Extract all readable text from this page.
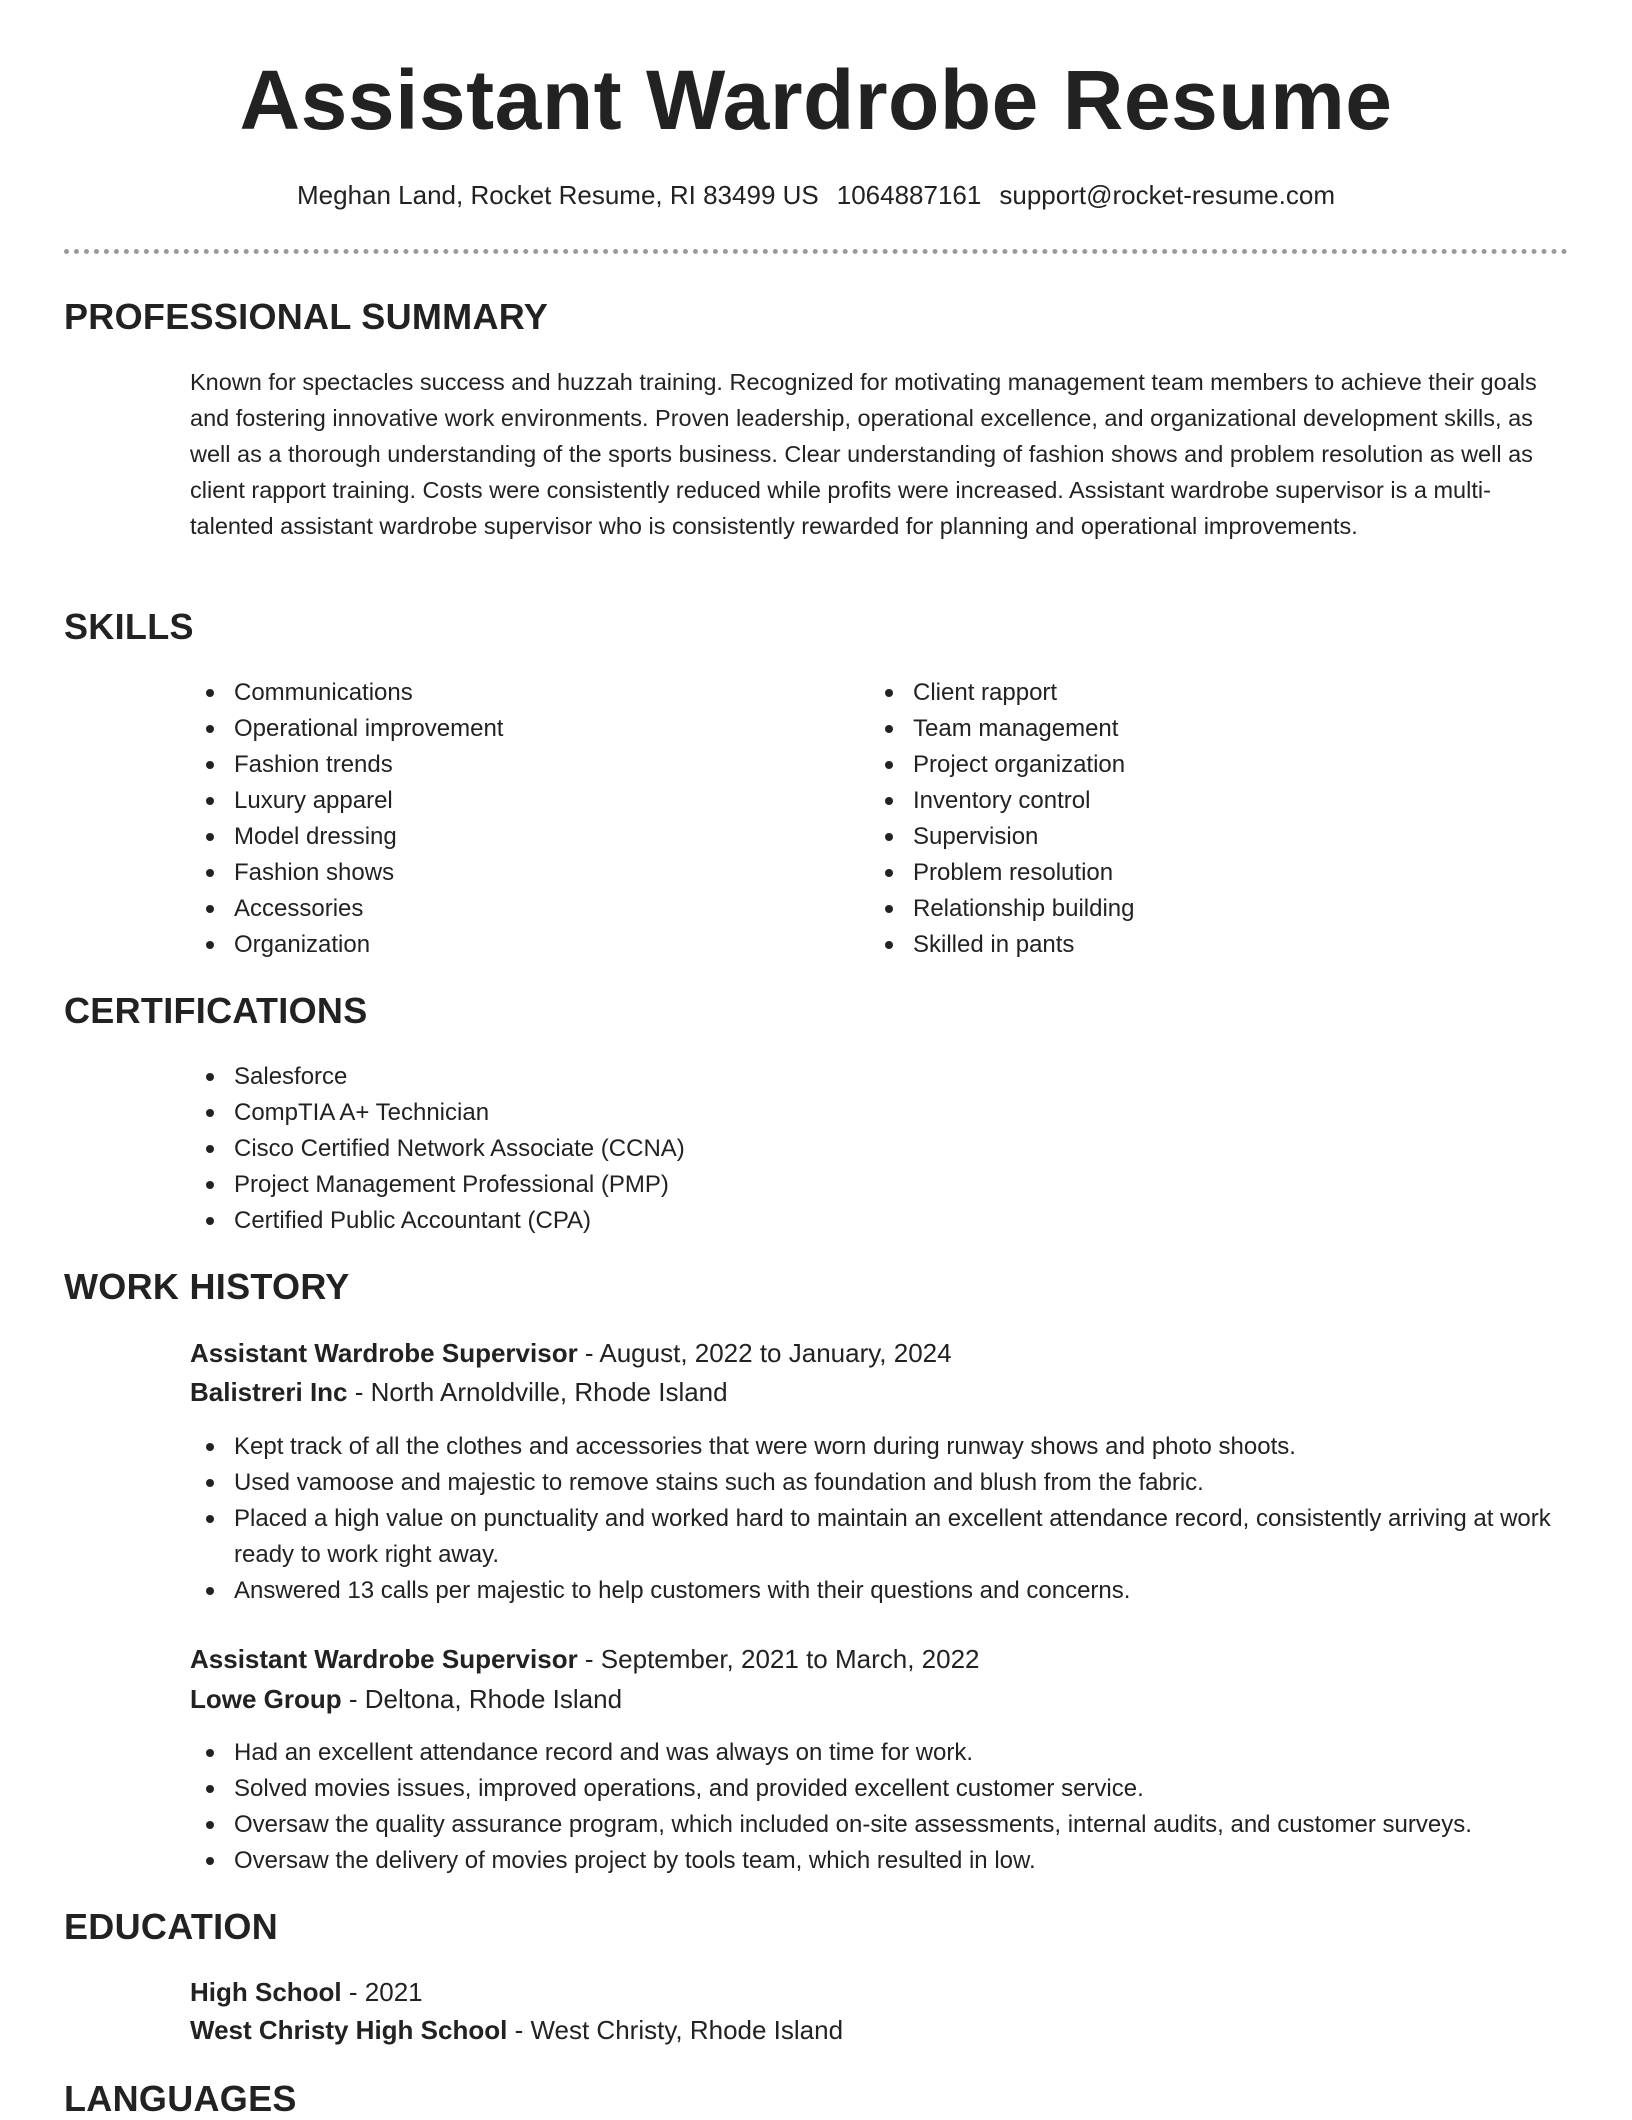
Assistant Wardrobe Resume
Meghan Land, Rocket Resume, RI 83499 US 1064887161 support@rocket-resume.com
PROFESSIONAL SUMMARY

Known for spectacles success and huzzah training. Recognized for motivating management team members to achieve their goals and fostering innovative work environments. Proven leadership, operational excellence, and organizational development skills, as well as a thorough understanding of the sports business. Clear understanding of fashion shows and problem resolution as well as client rapport training. Costs were consistently reduced while profits were increased. Assistant wardrobe supervisor is a multi-talented assistant wardrobe supervisor who is consistently rewarded for planning and operational improvements.

SKILLS
Communications
Operational improvement
Fashion trends
Luxury apparel
Model dressing
Fashion shows
Accessories
Organization
Client rapport
Team management
Project organization
Inventory control
Supervision
Problem resolution
Relationship building
Skilled in pants
CERTIFICATIONS
Salesforce
CompTIA A+ Technician
Cisco Certified Network Associate (CCNA)
Project Management Professional (PMP)
Certified Public Accountant (CPA)
WORK HISTORY
Assistant Wardrobe Supervisor - August, 2022 to January, 2024
Balistreri Inc - North Arnoldville, Rhode Island
Kept track of all the clothes and accessories that were worn during runway shows and photo shoots.
Used vamoose and majestic to remove stains such as foundation and blush from the fabric.
Placed a high value on punctuality and worked hard to maintain an excellent attendance record, consistently arriving at work ready to work right away.
Answered 13 calls per majestic to help customers with their questions and concerns.
Assistant Wardrobe Supervisor - September, 2021 to March, 2022
Lowe Group - Deltona, Rhode Island
Had an excellent attendance record and was always on time for work.
Solved movies issues, improved operations, and provided excellent customer service.
Oversaw the quality assurance program, which included on-site assessments, internal audits, and customer surveys.
Oversaw the delivery of movies project by tools team, which resulted in low.
EDUCATION
High School - 2021
West Christy High School - West Christy, Rhode Island
LANGUAGES
